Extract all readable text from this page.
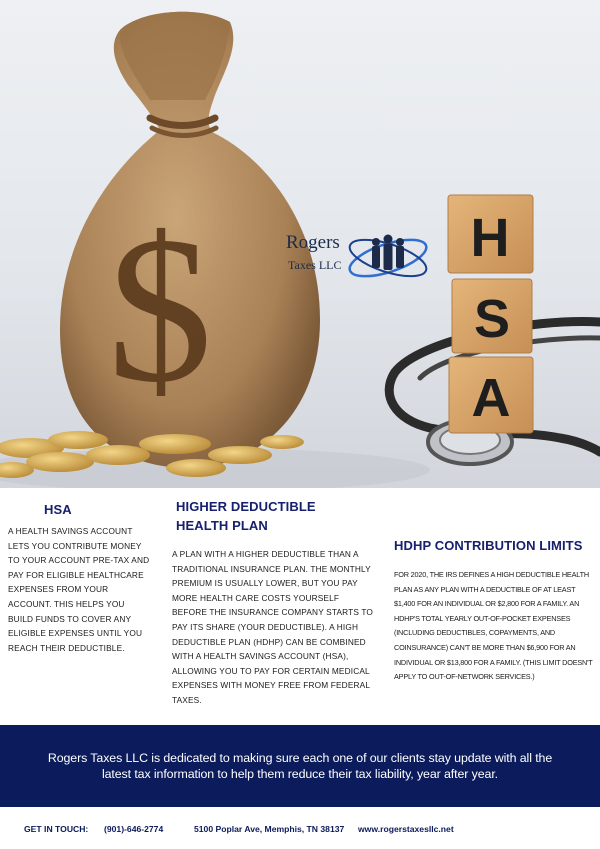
$	H
S
A
Rogers
Taxes LLC
HSA
A HEALTH SAVINGS ACCOUNT LETS YOU CONTRIBUTE MONEY TO YOUR ACCOUNT PRE-TAX AND PAY FOR ELIGIBLE HEALTHCARE EXPENSES FROM YOUR ACCOUNT. THIS HELPS YOU BUILD FUNDS TO COVER ANY ELIGIBLE EXPENSES UNTIL YOU REACH THEIR DEDUCTIBLE.
HIGHER DEDUCTIBLE HEALTH PLAN
A PLAN WITH A HIGHER DEDUCTIBLE THAN A TRADITIONAL INSURANCE PLAN. THE MONTHLY PREMIUM IS USUALLY LOWER, BUT YOU PAY MORE HEALTH CARE COSTS YOURSELF BEFORE THE INSURANCE COMPANY STARTS TO PAY ITS SHARE (YOUR DEDUCTIBLE). A HIGH DEDUCTIBLE PLAN (HDHP) CAN BE COMBINED WITH A HEALTH SAVINGS ACCOUNT (HSA), ALLOWING YOU TO PAY FOR CERTAIN MEDICAL EXPENSES WITH MONEY FREE FROM FEDERAL TAXES.
HDHP CONTRIBUTION LIMITS
FOR 2020, THE IRS DEFINES A HIGH DEDUCTIBLE HEALTH PLAN AS ANY PLAN WITH A DEDUCTIBLE OF AT LEAST $1,400 FOR AN INDIVIDUAL OR $2,800 FOR A FAMILY. AN HDHP'S TOTAL YEARLY OUT-OF-POCKET EXPENSES (INCLUDING DEDUCTIBLES, COPAYMENTS, AND COINSURANCE) CAN'T BE MORE THAN $6,900 FOR AN INDIVIDUAL OR $13,800 FOR A FAMILY. (THIS LIMIT DOESN'T APPLY TO OUT-OF-NETWORK SERVICES.)
Rogers Taxes LLC is dedicated to making sure each one of our clients stay update with all the latest tax information to help them reduce their tax liability, year after year.
GET IN TOUCH: (901)-646-2774	5100 Poplar Ave, Memphis, TN 38137 www.rogerstaxesllc.net
